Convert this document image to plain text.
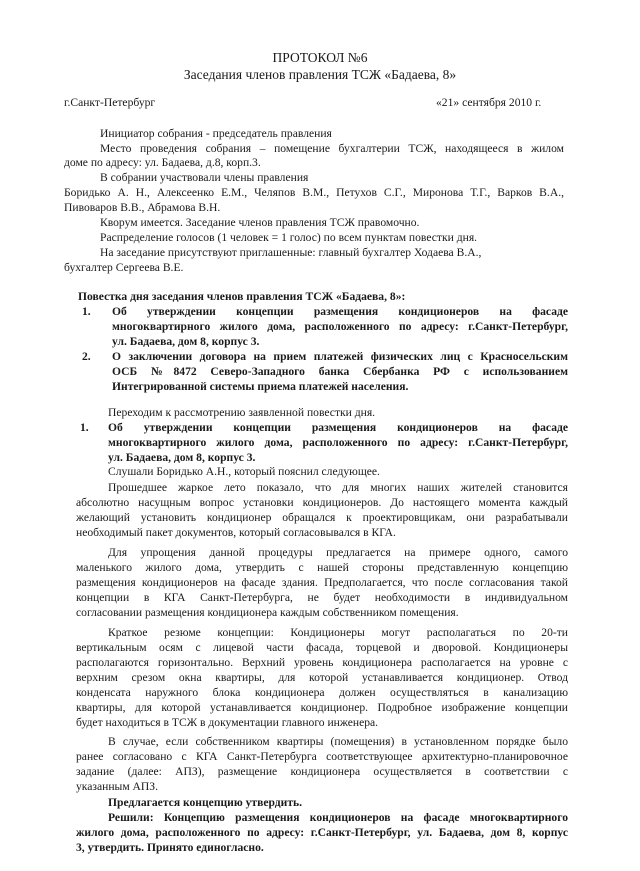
ПРОТОКОЛ №6
Заседания членов правления ТСЖ «Бадаева, 8»
г.Санкт-Петербург	«21» сентября 2010 г.
Инициатор собрания - председатель правления
Место проведения собрания – помещение бухгалтерии ТСЖ, находящееся в жилом
доме по адресу: ул. Бадаева, д.8, корп.3.
В собрании участвовали члены правления
Боридько А. Н., Алексеенко Е.М., Челяпов В.М., Петухов С.Г., Миронова Т.Г., Варков В.А.,
Пивоваров В.В., Абрамова В.Н.
Кворум имеется. Заседание членов правления ТСЖ правомочно.
Распределение голосов (1 человек = 1 голос) по всем пунктам повестки дня.
На заседание присутствуют приглашенные: главный бухгалтер Ходаева В.А.,
бухгалтер Сергеева В.Е.
Повестка дня заседания членов правления ТСЖ «Бадаева, 8»:
1. Об утверждении концепции размещения кондиционеров на фасаде
многоквартирного жилого дома, расположенного по адресу: г.Санкт-Петербург,
ул. Бадаева, дом 8, корпус 3.
2. О заключении договора на прием платежей физических лиц с Красносельским
ОСБ №8472 Северо-Западного банка Сбербанка РФ с использованием
Интегрированной системы приема платежей населения.
Переходим к рассмотрению заявленной повестки дня.
1. Об утверждении концепции размещения кондиционеров на фасаде
многоквартирного жилого дома, расположенного по адресу: г.Санкт-Петербург,
ул. Бадаева, дом 8, корпус 3.
Слушали Боридько А.Н., который пояснил следующее.
Прошедшее жаркое лето показало, что для многих наших жителей становится
абсолютно насущным вопрос установки кондиционеров. До настоящего момента каждый
желающий установить кондиционер обращался к проектировщикам, они разрабатывали
необходимый пакет документов, который согласовывался в КГА.
Для упрощения данной процедуры предлагается на примере одного, самого
маленького жилого дома, утвердить с нашей стороны представленную концепцию
размещения кондиционеров на фасаде здания. Предполагается, что после согласования такой
концепции в КГА Санкт-Петербурга, не будет необходимости в индивидуальном
согласовании размещения кондиционера каждым собственником помещения.
Краткое резюме концепции: Кондиционеры могут располагаться по 20-ти
вертикальным осям с лицевой части фасада, торцевой и дворовой. Кондиционеры
располагаются горизонтально. Верхний уровень кондиционера располагается на уровне с
верхним срезом окна квартиры, для которой устанавливается кондиционер. Отвод
конденсата наружного блока кондиционера должен осуществляться в канализацию
квартиры, для которой устанавливается кондиционер. Подробное изображение концепции
будет находиться в ТСЖ в документации главного инженера.
В случае, если собственником квартиры (помещения) в установленном порядке было
ранее согласовано с КГА Санкт-Петербурга соответствующее архитектурно-планировочное
задание (далее: АПЗ), размещение кондиционера осуществляется в соответствии с
указанным АПЗ.
Предлагается концепцию утвердить.
Решили: Концепцию размещения кондиционеров на фасаде многоквартирного
жилого дома, расположенного по адресу: г.Санкт-Петербург, ул. Бадаева, дом 8, корпус
3, утвердить. Принято единогласно.
